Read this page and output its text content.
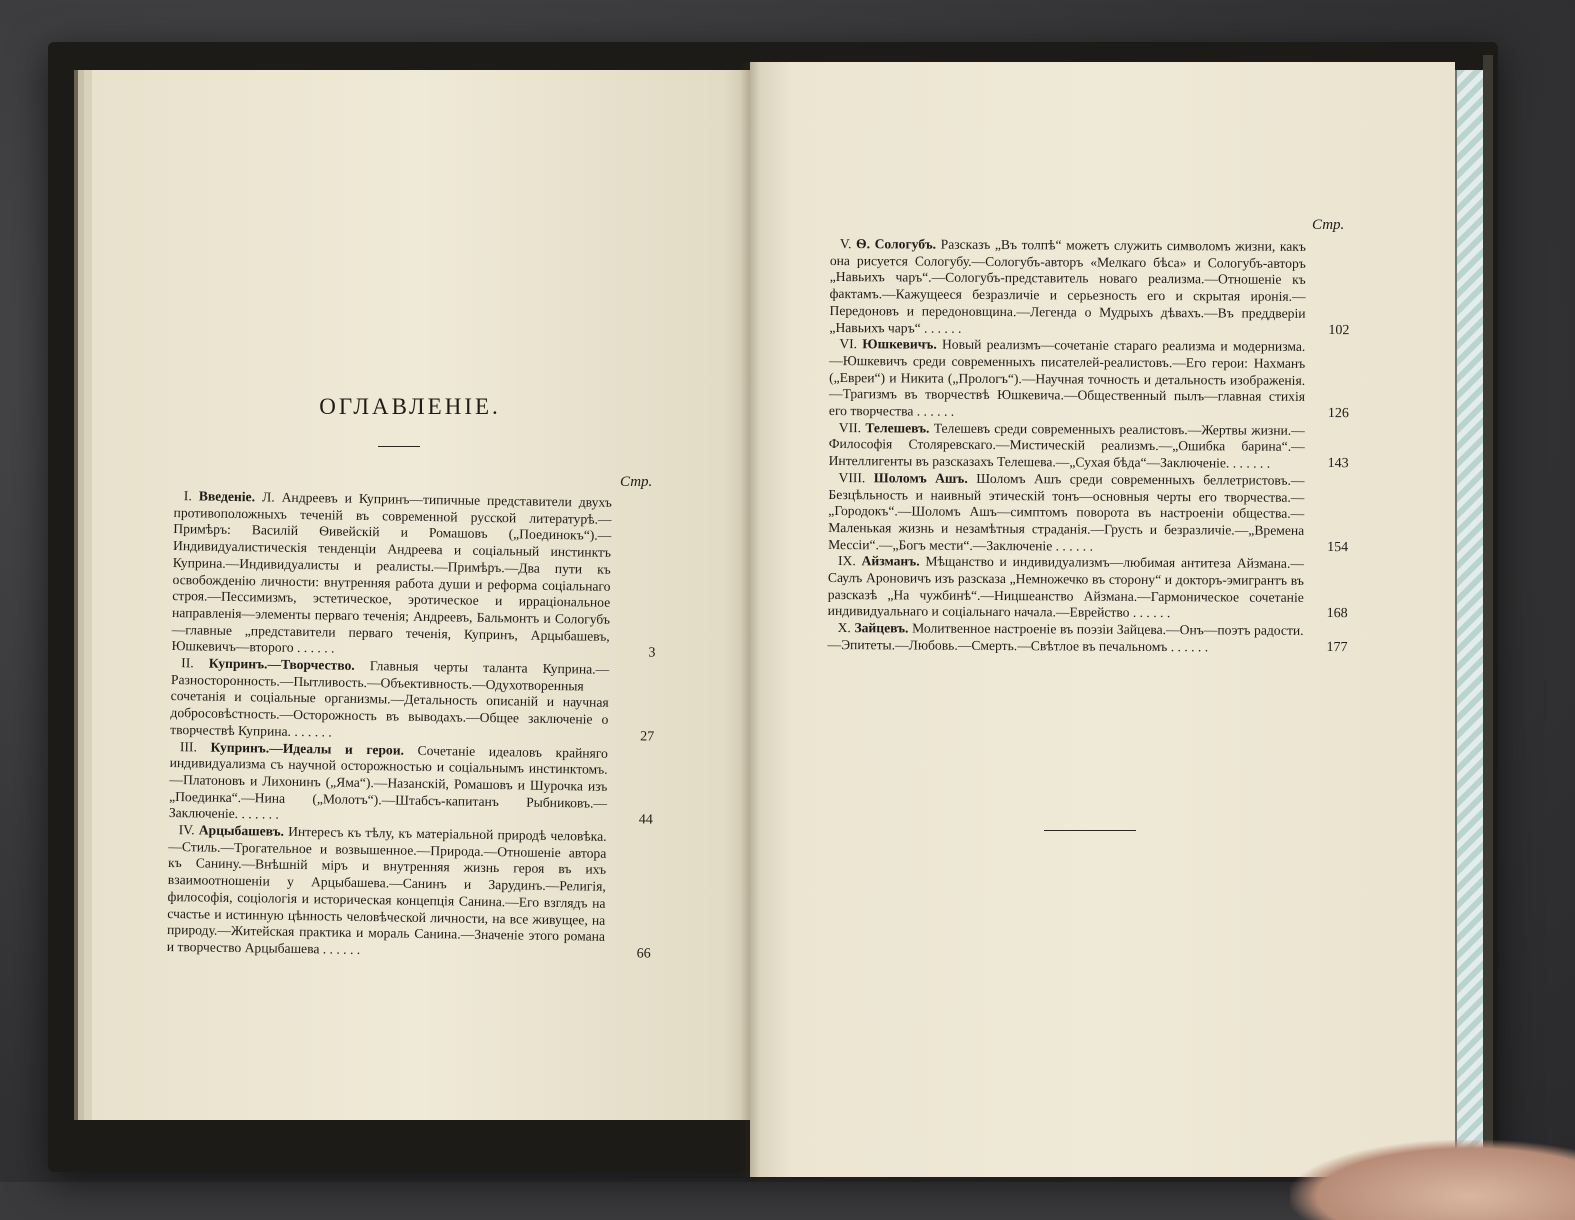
ОГЛАВЛЕНІЕ.
Стр.
Стр.

I. Введеніе. Л. Андреевъ и Купринъ—типичные представители двухъ противоположныхъ теченій въ современной русской литературѣ.—Примѣръ: Василій Ѳивейскій и Ромашовъ („Поединокъ“).—Индивидуалистическія тенденціи Андреева и соціальный инстинктъ Куприна.—Индивидуалисты и реалисты.—Примѣръ.—Два пути къ освобожденію личности: внутренняя работа души и реформа соціальнаго строя.—Пессимизмъ, эстетическое, эротическое и ирраціональное направленія—элементы перваго теченія; Андреевъ, Бальмонтъ и Сологубъ—главные „представители перваго теченія, Купринъ, Арцыбашевъ, Юшкевичъ—второго . . . . . .	3

II. Купринъ.—Творчество. Главныя черты таланта Куприна.—Разносторонность.—Пытливость.—Объективность.—Одухотворенныя сочетанія и соціальные организмы.—Детальность описаній и научная добросовѣстность.—Осторожность въ выводахъ.—Общее заключеніе о творчествѣ Куприна. . . . . . .	27

III. Купринъ.—Идеалы и герои. Сочетаніе идеаловъ крайняго индивидуализма съ научной осторожностью и соціальнымъ инстинктомъ.—Платоновъ и Лихонинъ („Яма“).—Назанскій, Ромашовъ и Шурочка изъ „Поединка“.—Нина („Молотъ“).—Штабсъ-капитанъ Рыбниковъ.—Заключеніе. . . . . . .	44

IV. Арцыбашевъ. Интересъ къ тѣлу, къ матеріальной природѣ человѣка.—Стиль.—Трогательное и возвышенное.—Природа.—Отношеніе автора къ Санину.—Внѣшній міръ и внутренняя жизнь героя въ ихъ взаимоотношеніи у Арцыбашева.—Санинъ и Зарудинъ.—Религія, философія, соціологія и историческая концепція Санина.—Его взглядъ на счастье и истинную цѣнность человѣческой личности, на все живущее, на природу.—Житейская практика и мораль Санина.—Значеніе этого романа и творчество Арцыбашева . . . . . .	66

V. Ѳ. Сологубъ. Разсказъ „Въ толпѣ“ можетъ служить символомъ жизни, какъ она рисуется Сологубу.—Сологубъ-авторъ «Мелкаго бѣса» и Сологубъ-авторъ „Навьихъ чаръ“.—Сологубъ-представитель новаго реализма.—Отношеніе къ фактамъ.—Кажущееся безразличіе и серьезность его и скрытая иронія.—Передоновъ и передоновщина.—Легенда о Мудрыхъ дѣвахъ.—Въ преддверіи „Навьихъ чаръ“ . . . . . .	102

VI. Юшкевичъ. Новый реализмъ—сочетаніе стараго реализма и модернизма.—Юшкевичъ среди современныхъ писателей-реалистовъ.—Его герои: Нахманъ („Евреи“) и Никита („Прологъ“).—Научная точность и детальность изображенія.—Трагизмъ въ творчествѣ Юшкевича.—Общественный пылъ—главная стихія его творчества . . . . . .	126

VII. Телешевъ. Телешевъ среди современныхъ реалистовъ.—Жертвы жизни.—Философія Столяревскаго.—Мистическій реализмъ.—„Ошибка барина“.—Интеллигенты въ разсказахъ Телешева.—„Сухая бѣда“—Заключеніе. . . . . . .	143

VIII. Шоломъ Ашъ. Шоломъ Ашъ среди современныхъ беллетристовъ.—Безцѣльность и наивный этическій тонъ—основныя черты его творчества.—„Городокъ“.—Шоломъ Ашъ—симптомъ поворота въ настроеніи общества.—Маленькая жизнь и незамѣтныя страданія.—Грусть и безразличіе.—„Времена Мессіи“.—„Богъ мести“.—Заключеніе . . . . . .	154

IX. Айзманъ. Мѣщанство и индивидуализмъ—любимая антитеза Айзмана.—Саулъ Ароновичъ изъ разсказа „Немножечко въ сторону“ и докторъ-эмигрантъ въ разсказѣ „На чужбинѣ“.—Ницшеанство Айзмана.—Гармоническое сочетаніе индивидуальнаго и соціальнаго начала.—Еврейство . . . . . .	168

X. Зайцевъ. Молитвенное настроеніе въ поэзіи Зайцева.—Онъ—поэтъ радости.—Эпитеты.—Любовь.—Смерть.—Свѣтлое въ печальномъ . . . . . .	177
